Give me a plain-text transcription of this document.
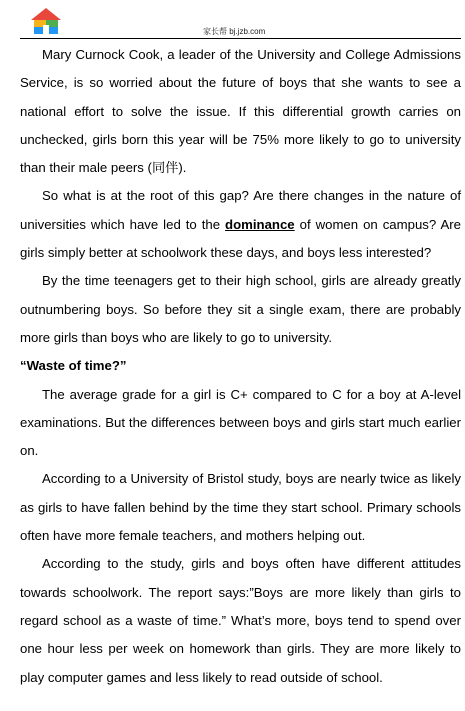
家长帮 bj.jzb.com

Mary Curnock Cook, a leader of the University and College Admissions Service, is so worried about the future of boys that she wants to see a national effort to solve the issue. If this differential growth carries on unchecked, girls born this year will be 75% more likely to go to university than their male peers (同伴).

So what is at the root of this gap? Are there changes in the nature of universities which have led to the dominance of women on campus? Are girls simply better at schoolwork these days, and boys less interested?

By the time teenagers get to their high school, girls are already greatly outnumbering boys. So before they sit a single exam, there are probably more girls than boys who are likely to go to university.

“Waste of time?”

The average grade for a girl is C+ compared to C for a boy at A-level examinations. But the differences between boys and girls start much earlier on.

According to a University of Bristol study, boys are nearly twice as likely as girls to have fallen behind by the time they start school. Primary schools often have more female teachers, and mothers helping out.

According to the study, girls and boys often have different attitudes towards schoolwork. The report says:”Boys are more likely than girls to regard school as a waste of time.” What’s more, boys tend to spend over one hour less per week on homework than girls. They are more likely to play computer games and less likely to read outside of school.
